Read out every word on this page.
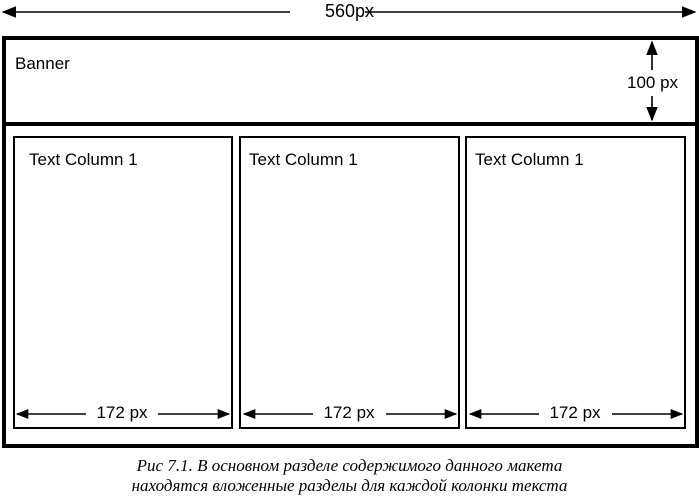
560px
Banner
100 px
Text Column 1	Text Column 1	Text Column 1
172 px	172 px	172 px
Рис 7.1. В основном разделе содержимого данного макета
находятся вложенные разделы для каждой колонки текста
